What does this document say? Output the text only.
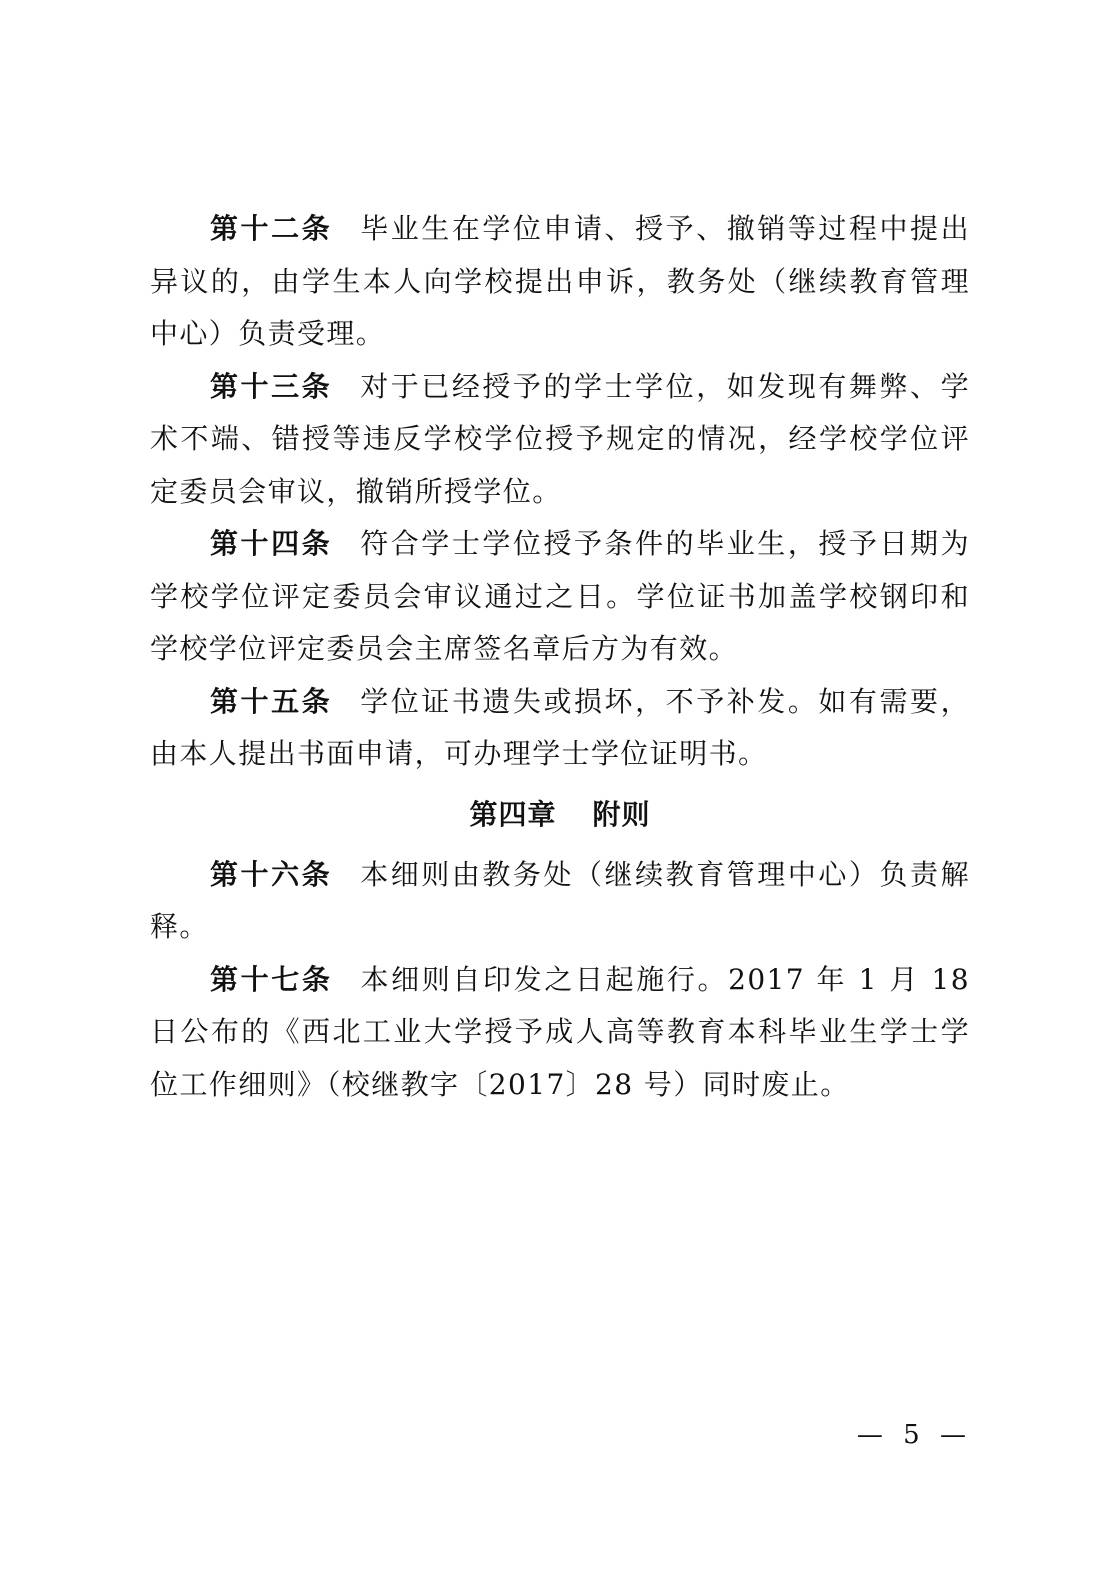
第十二条 毕业生在学位申请、授予、撤销等过程中提出异议的，由学生本人向学校提出申诉，教务处（继续教育管理中心）负责受理。

第十三条 对于已经授予的学士学位，如发现有舞弊、学术不端、错授等违反学校学位授予规定的情况，经学校学位评定委员会审议，撤销所授学位。

第十四条 符合学士学位授予条件的毕业生，授予日期为学校学位评定委员会审议通过之日。学位证书加盖学校钢印和学校学位评定委员会主席签名章后方为有效。

第十五条 学位证书遗失或损坏，不予补发。如有需要，由本人提出书面申请，可办理学士学位证明书。

第四章 附则

第十六条 本细则由教务处（继续教育管理中心）负责解释。

第十七条 本细则自印发之日起施行。2017 年 1 月 18 日公布的《西北工业大学授予成人高等教育本科毕业生学士学位工作细则》（校继教字〔2017〕28 号）同时废止。

— 5 —
